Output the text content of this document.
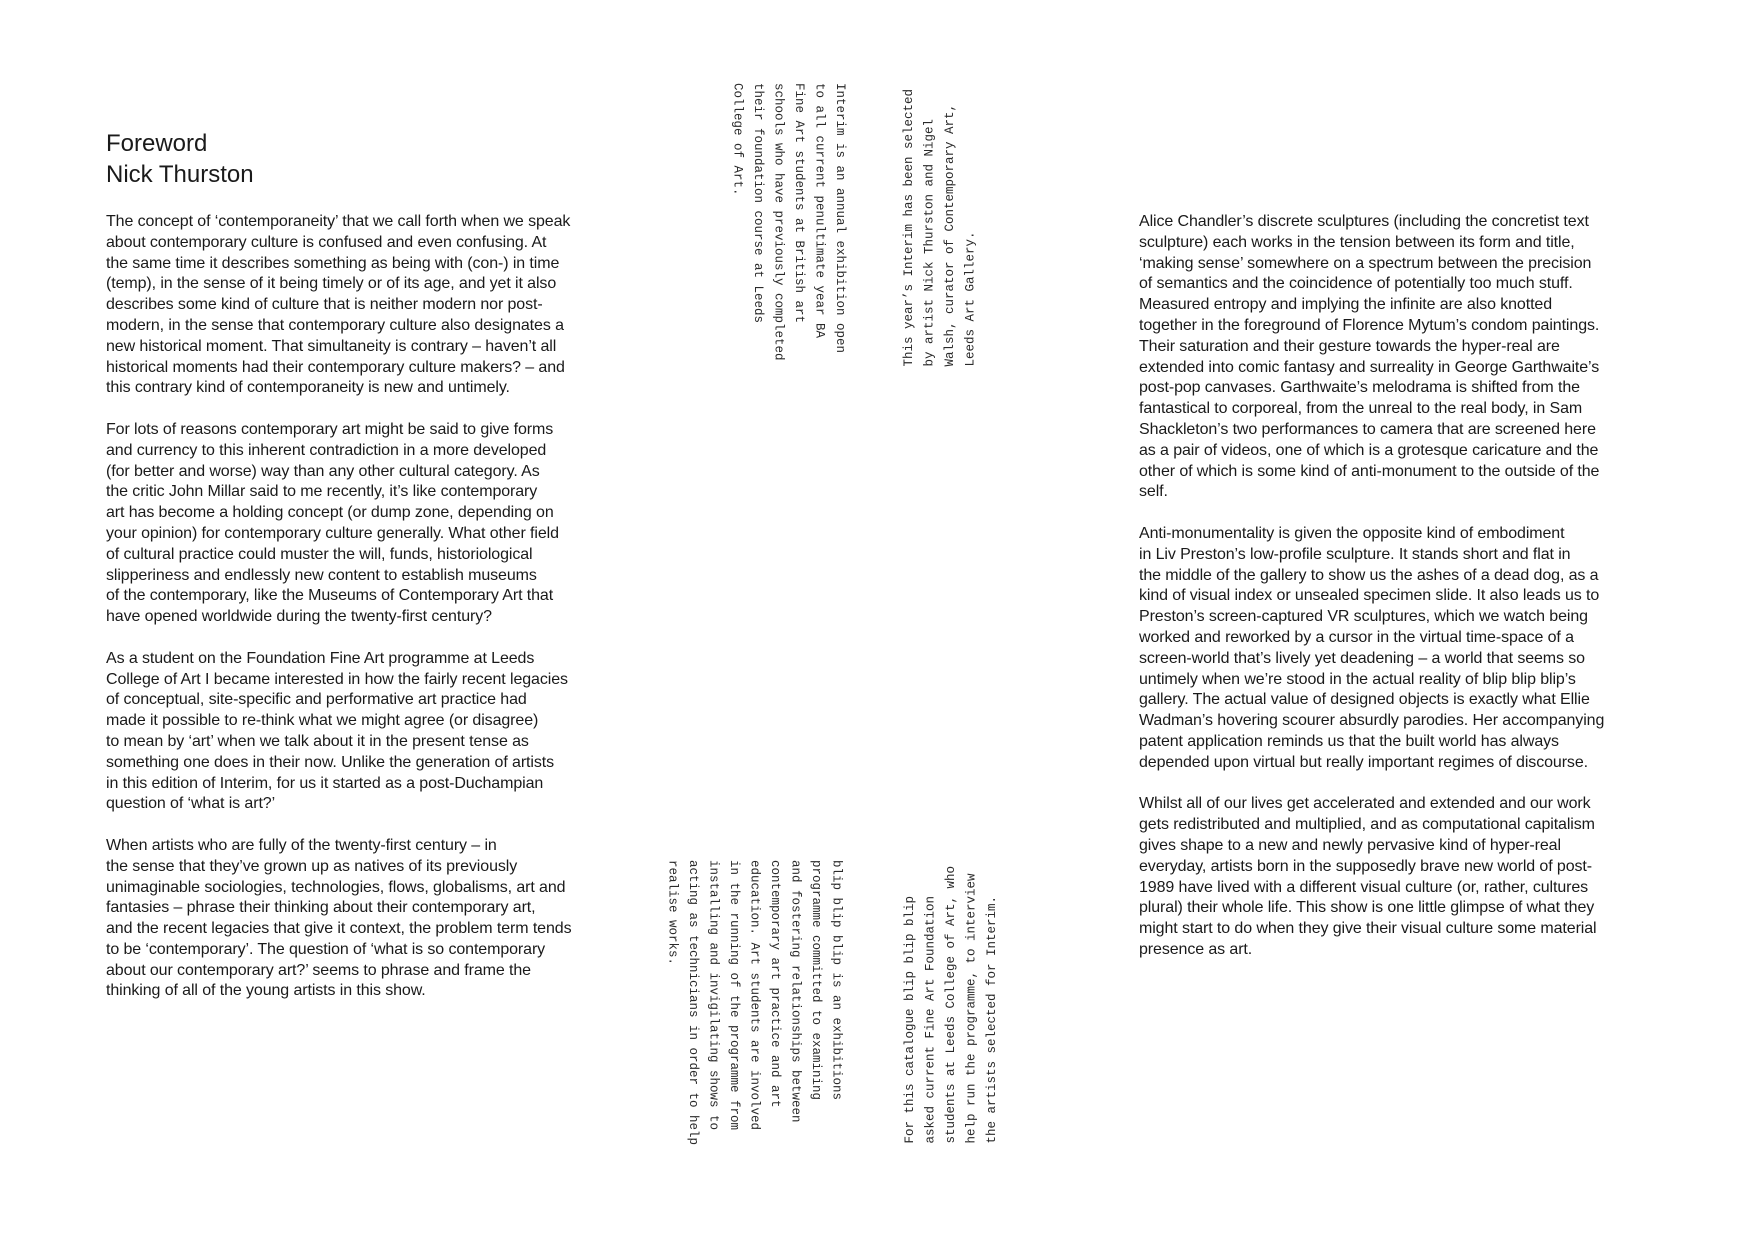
Foreword
Nick Thurston

The concept of ‘contemporaneity’ that we call forth when we speak
about contemporary culture is confused and even confusing. At
the same time it describes something as being with (con-) in time
(temp), in the sense of it being timely or of its age, and yet it also
describes some kind of culture that is neither modern nor post-
modern, in the sense that contemporary culture also designates a
new historical moment. That simultaneity is contrary – haven’t all
historical moments had their contemporary culture makers? – and
this contrary kind of contemporaneity is new and untimely.

For lots of reasons contemporary art might be said to give forms
and currency to this inherent contradiction in a more developed
(for better and worse) way than any other cultural category. As
the critic John Millar said to me recently, it’s like contemporary
art has become a holding concept (or dump zone, depending on
your opinion) for contemporary culture generally. What other field
of cultural practice could muster the will, funds, historiological
slipperiness and endlessly new content to establish museums
of the contemporary, like the Museums of Contemporary Art that
have opened worldwide during the twenty-first century?

As a student on the Foundation Fine Art programme at Leeds
College of Art I became interested in how the fairly recent legacies
of conceptual, site-specific and performative art practice had
made it possible to re-think what we might agree (or disagree)
to mean by ‘art’ when we talk about it in the present tense as
something one does in their now. Unlike the generation of artists
in this edition of Interim, for us it started as a post-Duchampian
question of ‘what is art?’

When artists who are fully of the twenty-first century – in
the sense that they’ve grown up as natives of its previously
unimaginable sociologies, technologies, flows, globalisms, art and
fantasies – phrase their thinking about their contemporary art,
and the recent legacies that give it context, the problem term tends
to be ‘contemporary’. The question of ‘what is so contemporary
about our contemporary art?’ seems to phrase and frame the
thinking of all of the young artists in this show.

Interim is an annual exhibition open
to all current penultimate year BA
Fine Art students at British art
schools who have previously completed
their foundation course at Leeds
College of Art.

This year’s Interim has been selected
by artist Nick Thurston and Nigel
Walsh, curator of Contemporary Art,
Leeds Art Gallery.

blip blip blip is an exhibitions
programme committed to examining
and fostering relationships between
contemporary art practice and art
education. Art students are involved
in the running of the programme from
installing and invigilating shows to
acting as technicians in order to help
realise works.

For this catalogue blip blip blip
asked current Fine Art Foundation
students at Leeds College of Art, who
help run the programme, to interview
the artists selected for Interim.

Alice Chandler’s discrete sculptures (including the concretist text
sculpture) each works in the tension between its form and title,
‘making sense’ somewhere on a spectrum between the precision
of semantics and the coincidence of potentially too much stuff.
Measured entropy and implying the infinite are also knotted
together in the foreground of Florence Mytum’s condom paintings.
Their saturation and their gesture towards the hyper-real are
extended into comic fantasy and surreality in George Garthwaite’s
post-pop canvases. Garthwaite’s melodrama is shifted from the
fantastical to corporeal, from the unreal to the real body, in Sam
Shackleton’s two performances to camera that are screened here
as a pair of videos, one of which is a grotesque caricature and the
other of which is some kind of anti-monument to the outside of the
self.

Anti-monumentality is given the opposite kind of embodiment
in Liv Preston’s low-profile sculpture. It stands short and flat in
the middle of the gallery to show us the ashes of a dead dog, as a
kind of visual index or unsealed specimen slide. It also leads us to
Preston’s screen-captured VR sculptures, which we watch being
worked and reworked by a cursor in the virtual time-space of a
screen-world that’s lively yet deadening – a world that seems so
untimely when we’re stood in the actual reality of blip blip blip’s
gallery. The actual value of designed objects is exactly what Ellie
Wadman’s hovering scourer absurdly parodies. Her accompanying
patent application reminds us that the built world has always
depended upon virtual but really important regimes of discourse.

Whilst all of our lives get accelerated and extended and our work
gets redistributed and multiplied, and as computational capitalism
gives shape to a new and newly pervasive kind of hyper-real
everyday, artists born in the supposedly brave new world of post-
1989 have lived with a different visual culture (or, rather, cultures
plural) their whole life. This show is one little glimpse of what they
might start to do when they give their visual culture some material
presence as art.
